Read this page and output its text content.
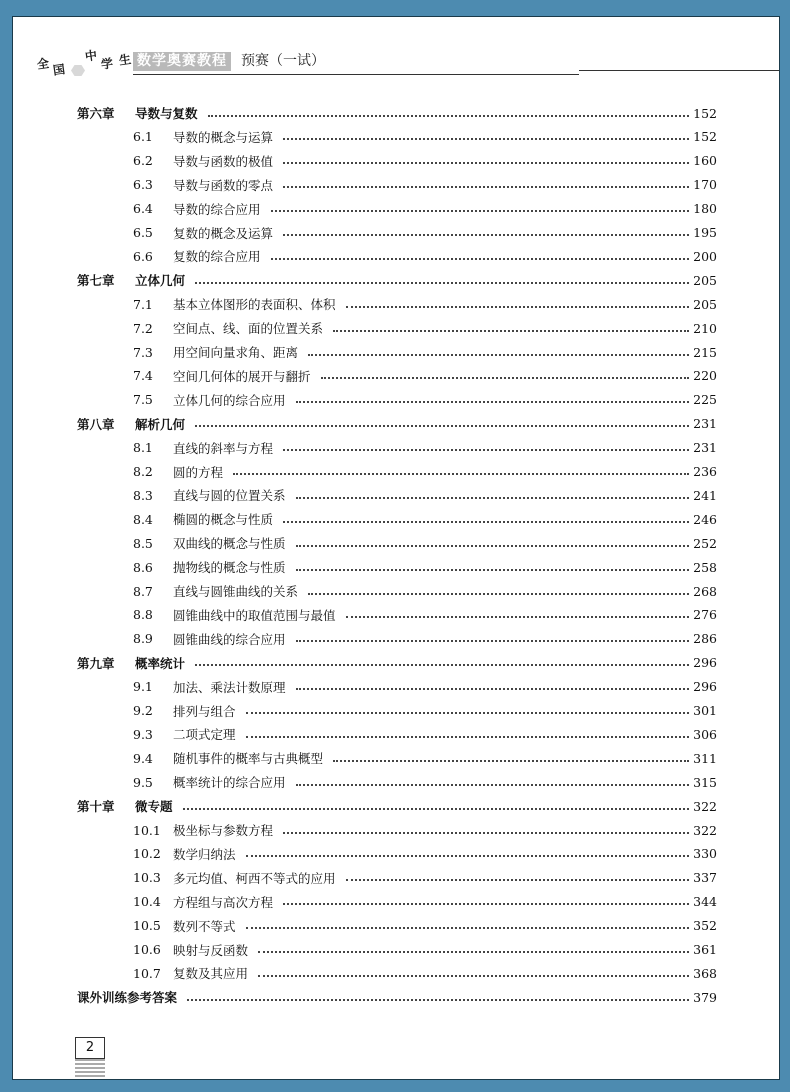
全 国
中
学 生 数学奥赛教程 预赛（一试）
第六章	导数与复数	152
6.1	导数的概念与运算	152
6.2	导数与函数的极值	160
6.3	导数与函数的零点	170
6.4	导数的综合应用	180
6.5	复数的概念及运算	195
6.6	复数的综合应用	200
第七章	立体几何	205
7.1	基本立体图形的表面积、体积	205
7.2	空间点、线、面的位置关系	210
7.3	用空间向量求角、距离	215
7.4	空间几何体的展开与翻折	220
7.5	立体几何的综合应用	225
第八章	解析几何	231
8.1	直线的斜率与方程	231
8.2	圆的方程	236
8.3	直线与圆的位置关系	241
8.4	椭圆的概念与性质	246
8.5	双曲线的概念与性质	252
8.6	抛物线的概念与性质	258
8.7	直线与圆锥曲线的关系	268
8.8	圆锥曲线中的取值范围与最值	276
8.9	圆锥曲线的综合应用	286
第九章	概率统计	296
9.1	加法、乘法计数原理	296
9.2	排列与组合	301
9.3	二项式定理	306
9.4	随机事件的概率与古典概型	311
9.5	概率统计的综合应用	315
第十章	微专题	322
10.1 极坐标与参数方程	322
10.2 数学归纳法	330
10.3 多元均值、柯西不等式的应用	337
10.4 方程组与高次方程	344
10.5 数列不等式	352
10.6 映射与反函数	361
10.7 复数及其应用	368
课外训练参考答案	379
2
